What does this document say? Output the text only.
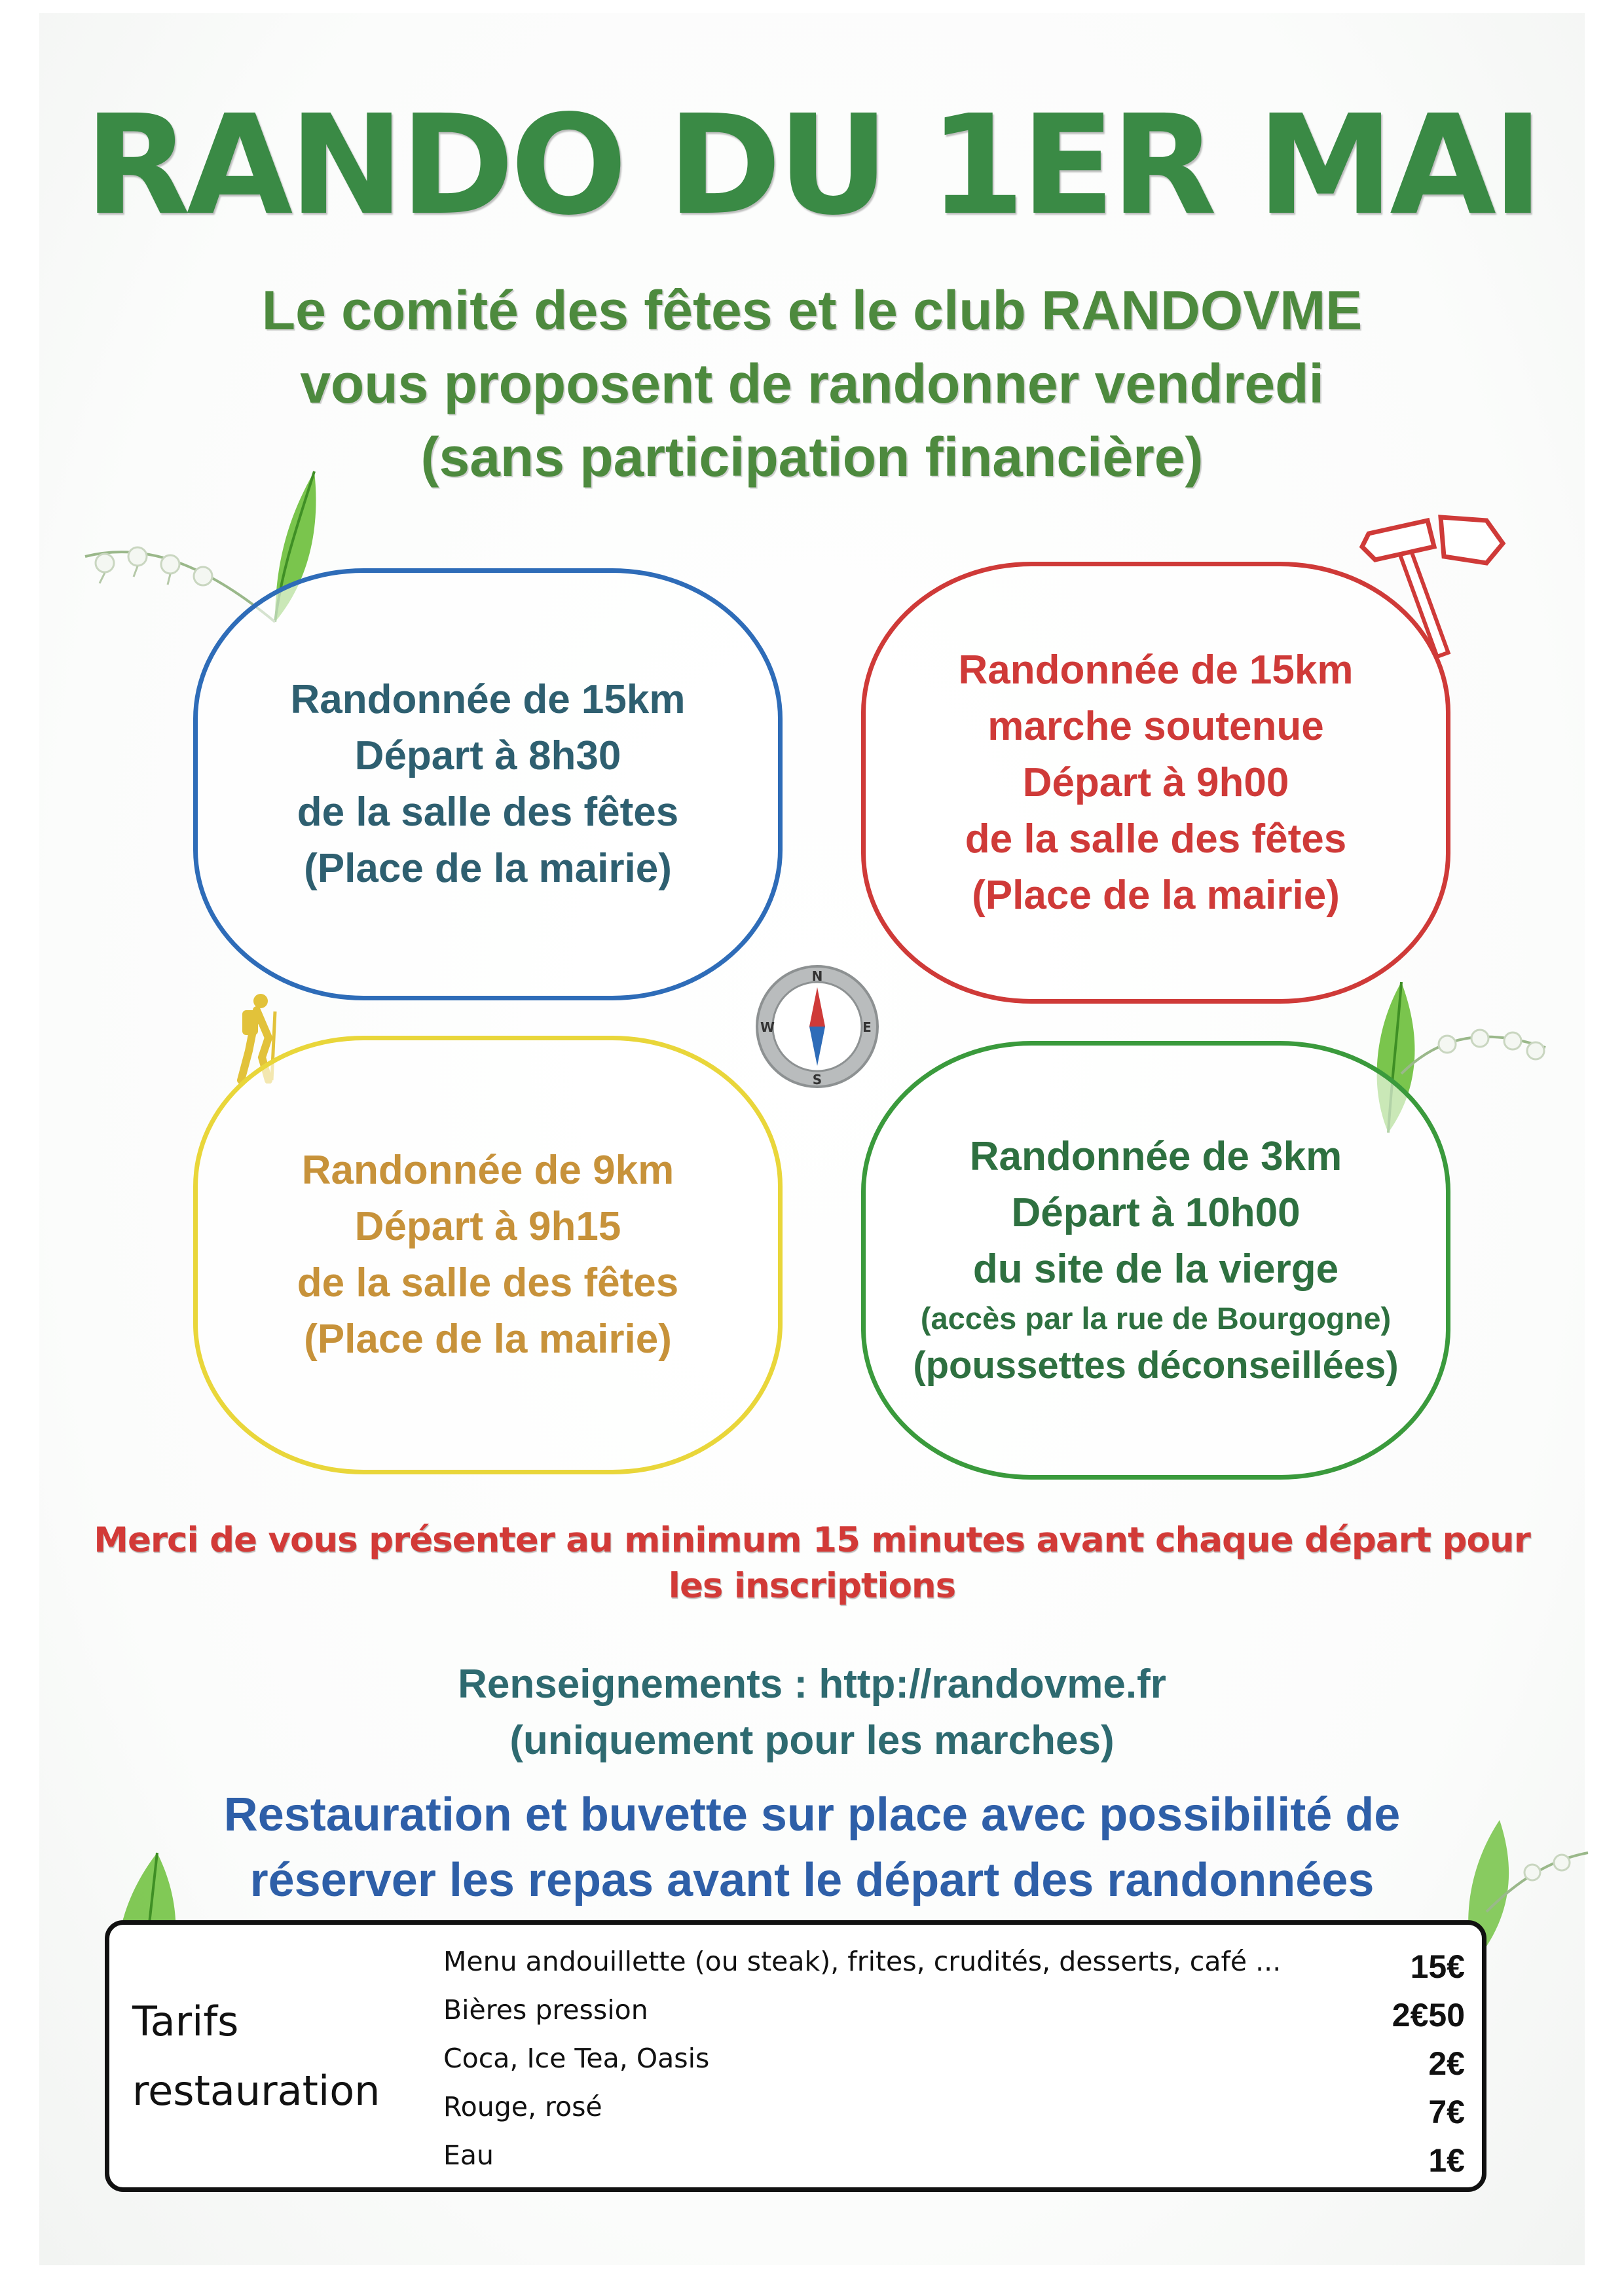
RANDO DU 1ER MAI
Le comité des fêtes et le club RANDOVME
vous proposent de randonner vendredi
(sans participation financière)
Randonnée de 15km
Départ à 8h30
de la salle des fêtes
(Place de la mairie)
Randonnée de 15km
marche soutenue
Départ à 9h00
de la salle des fêtes
(Place de la mairie)
Randonnée de 9km
Départ à 9h15
de la salle des fêtes
(Place de la mairie)
Randonnée de 3km
Départ à 10h00
du site de la vierge
(accès par la rue de Bourgogne)
(poussettes déconseillées)
N
S
E
W
Merci de vous présenter au minimum 15 minutes avant chaque départ pour
les inscriptions
Renseignements : http://randovme.fr
(uniquement pour les marches)
Restauration et buvette sur place avec possibilité de
réserver les repas avant le départ des randonnées
Tarifs
restauration
Menu andouillette (ou steak), frites, crudités, desserts, café ...	15€
Bières pression	2€50
Coca, Ice Tea, Oasis	2€
Rouge, rosé	7€
Eau	1€
